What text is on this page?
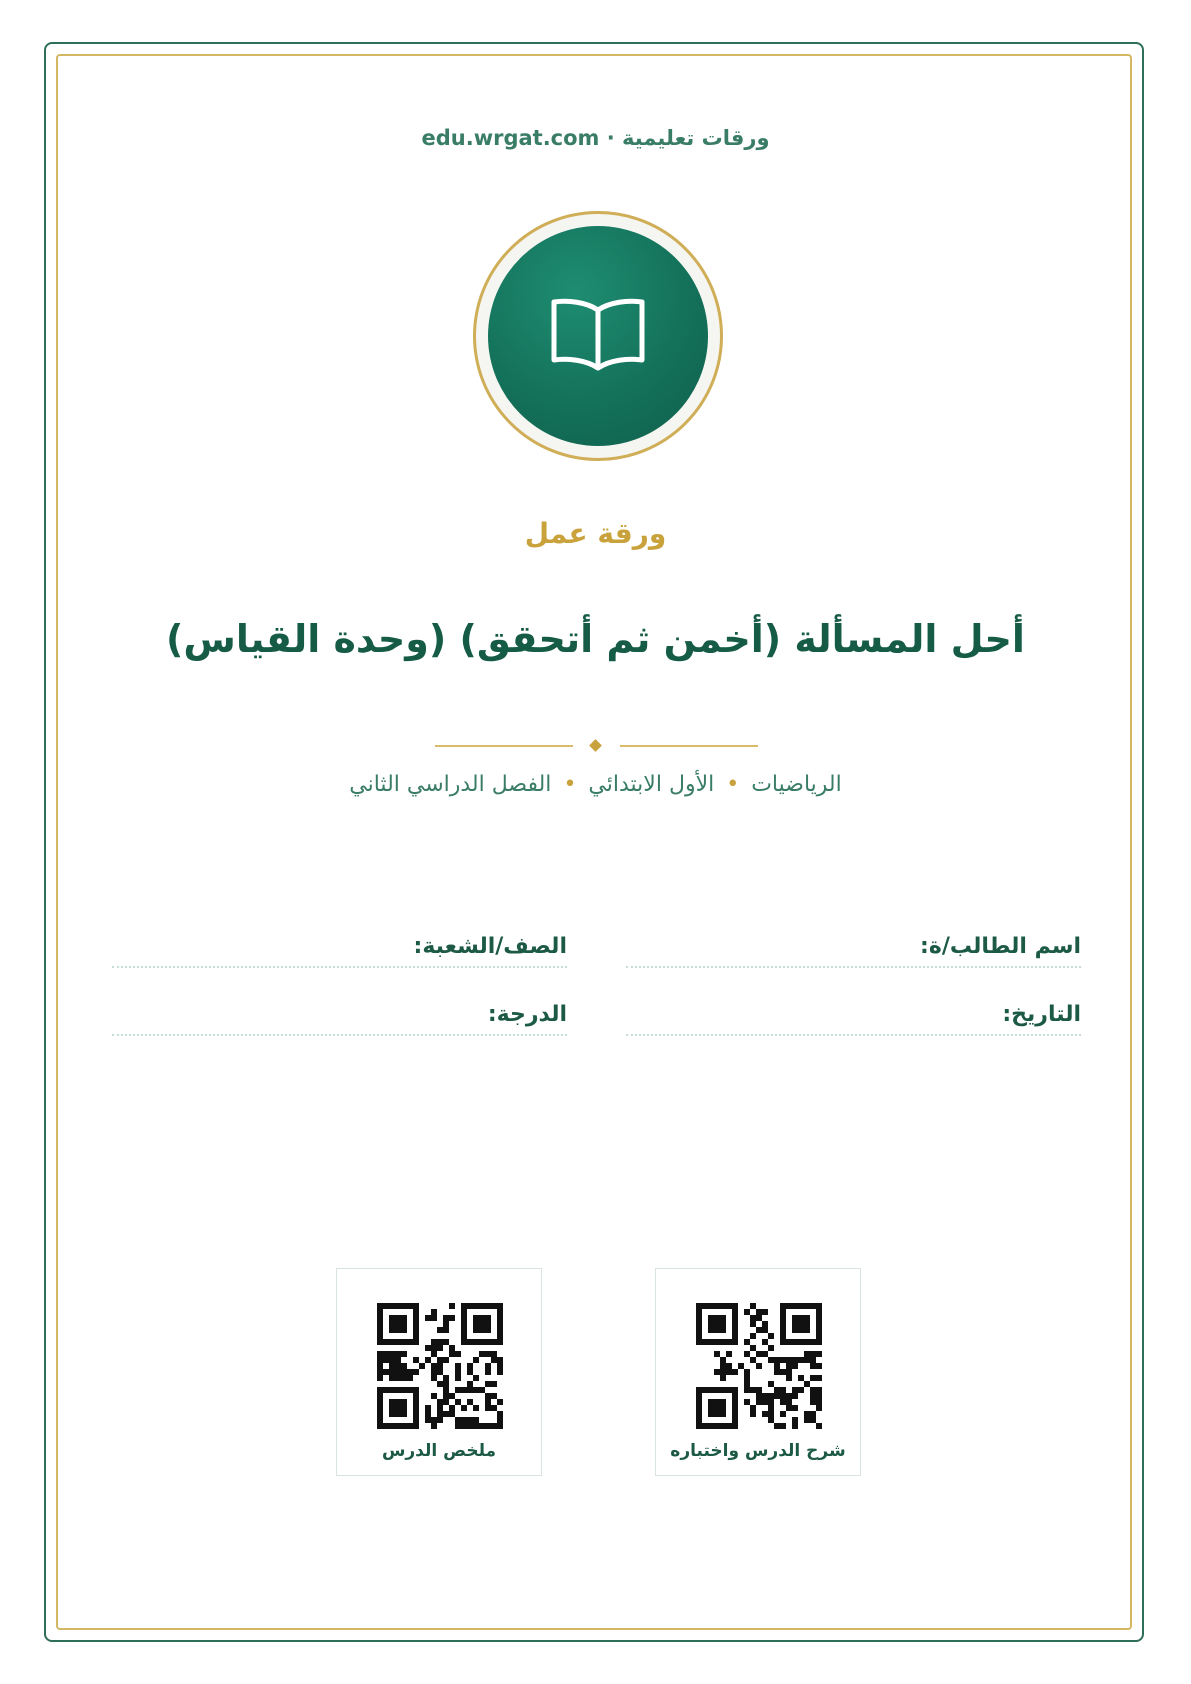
ورقات تعليمية · edu.wrgat.com
ورقة عمل
أحل المسألة (أخمن ثم أتحقق) (وحدة القياس)
الرياضيات•الأول الابتدائي•الفصل الدراسي الثاني
اسم الطالب/ة:
الصف/الشعبة:
التاريخ:
الدرجة:
شرح الدرس واختباره
ملخص الدرس
